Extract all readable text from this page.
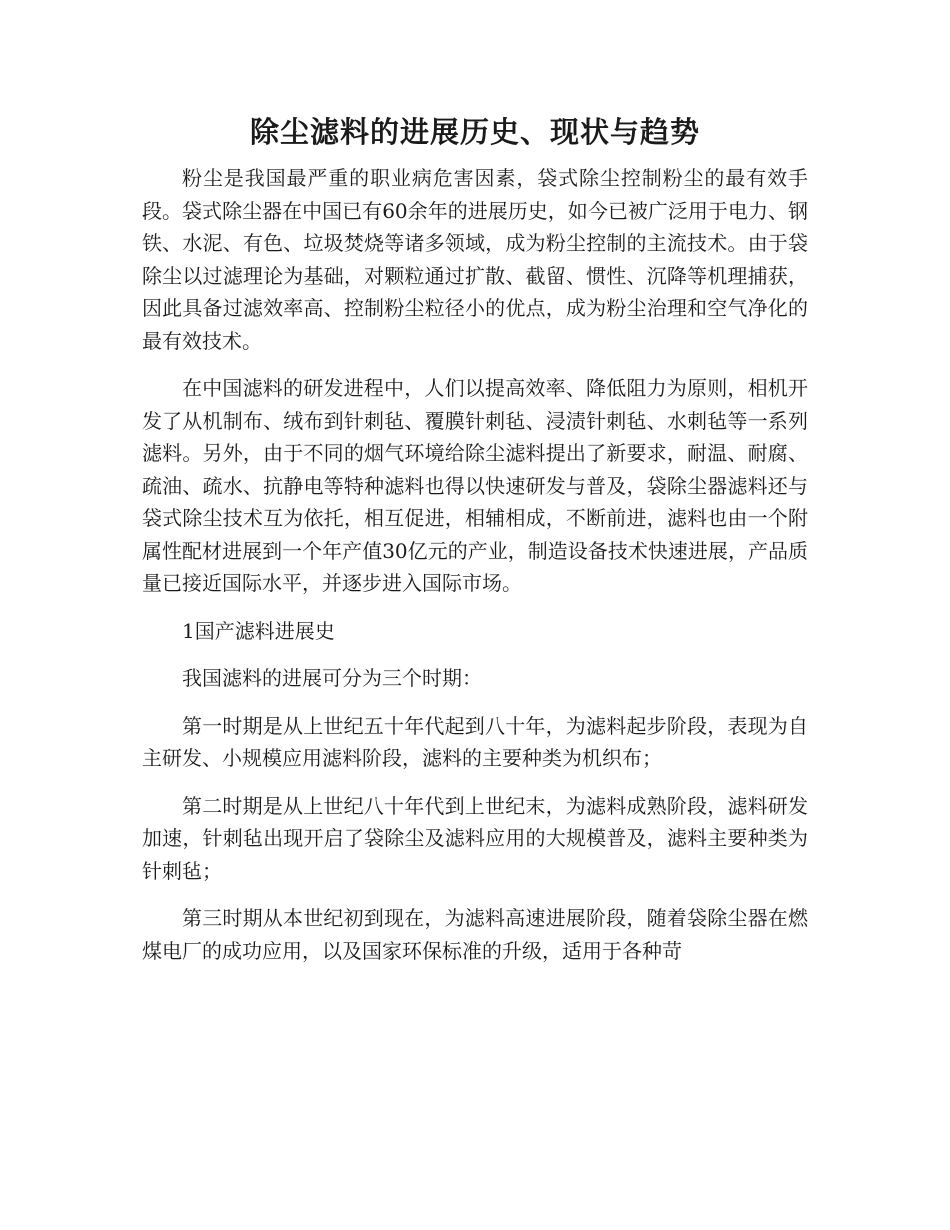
除尘滤料的进展历史、现状与趋势

粉尘是我国最严重的职业病危害因素，袋式除尘控制粉尘的最有效手段。袋式除尘器在中国已有60余年的进展历史，如今已被广泛用于电力、钢铁、水泥、有色、垃圾焚烧等诸多领域，成为粉尘控制的主流技术。由于袋除尘以过滤理论为基础，对颗粒通过扩散、截留、惯性、沉降等机理捕获，因此具备过滤效率高、控制粉尘粒径小的优点，成为粉尘治理和空气净化的最有效技术。

在中国滤料的研发进程中，人们以提高效率、降低阻力为原则，相机开发了从机制布、绒布到针刺毡、覆膜针刺毡、浸渍针刺毡、水刺毡等一系列滤料。另外，由于不同的烟气环境给除尘滤料提出了新要求，耐温、耐腐、疏油、疏水、抗静电等特种滤料也得以快速研发与普及，袋除尘器滤料还与袋式除尘技术互为依托，相互促进，相辅相成，不断前进，滤料也由一个附属性配材进展到一个年产值30亿元的产业，制造设备技术快速进展，产品质量已接近国际水平，并逐步进入国际市场。

1国产滤料进展史

我国滤料的进展可分为三个时期：

第一时期是从上世纪五十年代起到八十年，为滤料起步阶段，表现为自主研发、小规模应用滤料阶段，滤料的主要种类为机织布；

第二时期是从上世纪八十年代到上世纪末，为滤料成熟阶段，滤料研发加速，针刺毡出现开启了袋除尘及滤料应用的大规模普及，滤料主要种类为针刺毡；

第三时期从本世纪初到现在，为滤料高速进展阶段，随着袋除尘器在燃煤电厂的成功应用，以及国家环保标准的升级，适用于各种苛
